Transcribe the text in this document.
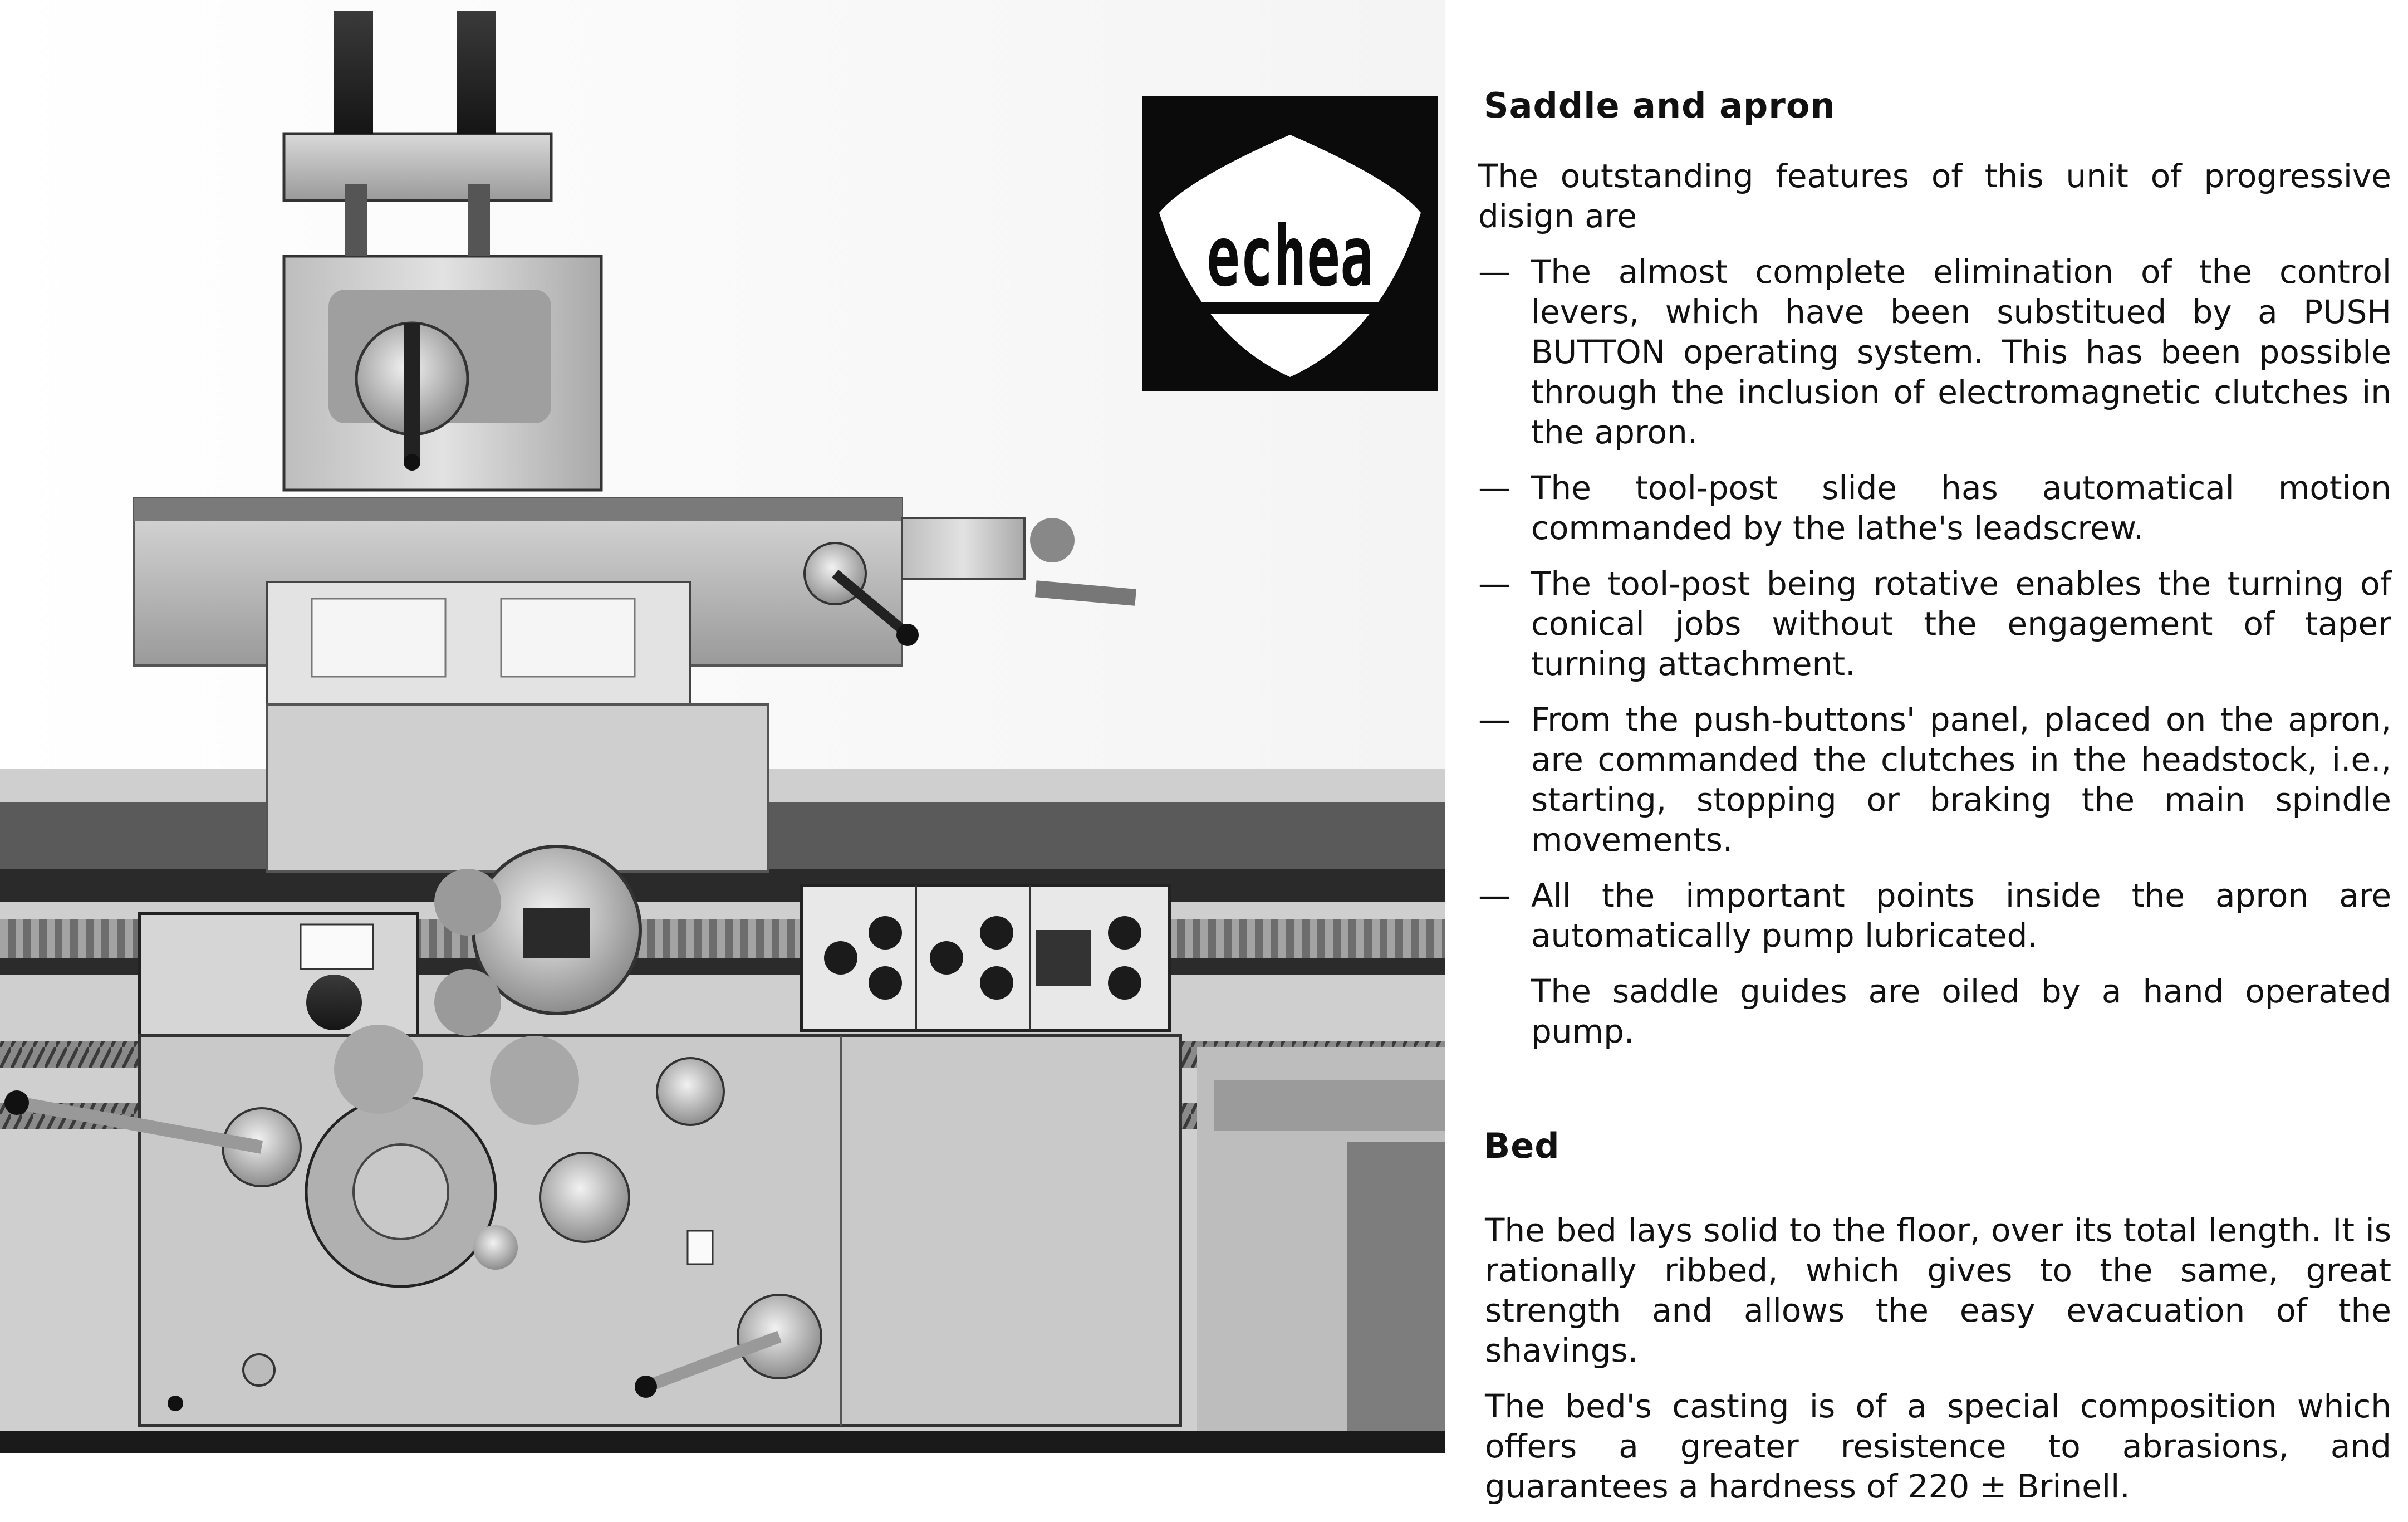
echea
Saddle and apron

The outstanding features of this unit of progressive disign are

— The almost complete elimination of the control levers, which have been substitued by a PUSH BUTTON operating system. This has been possible through the inclusion of electromagnetic clutches in the apron.
— The tool-post slide has automatical motion commanded by the lathe's leadscrew.
— The tool-post being rotative enables the turning of conical jobs without the engagement of taper turning attachment.
— From the push-buttons' panel, placed on the apron, are commanded the clutches in the headstock, i.e., starting, stopping or braking the main spindle movements.
— All the important points inside the apron are automatically pump lubricated.

The saddle guides are oiled by a hand operated pump.

Bed

The bed lays solid to the floor, over its total length. It is rationally ribbed, which gives to the same, great strength and allows the easy evacuation of the shavings.

The bed's casting is of a special composition which offers a greater resistence to abrasions, and guarantees a hardness of 220 ± Brinell.
